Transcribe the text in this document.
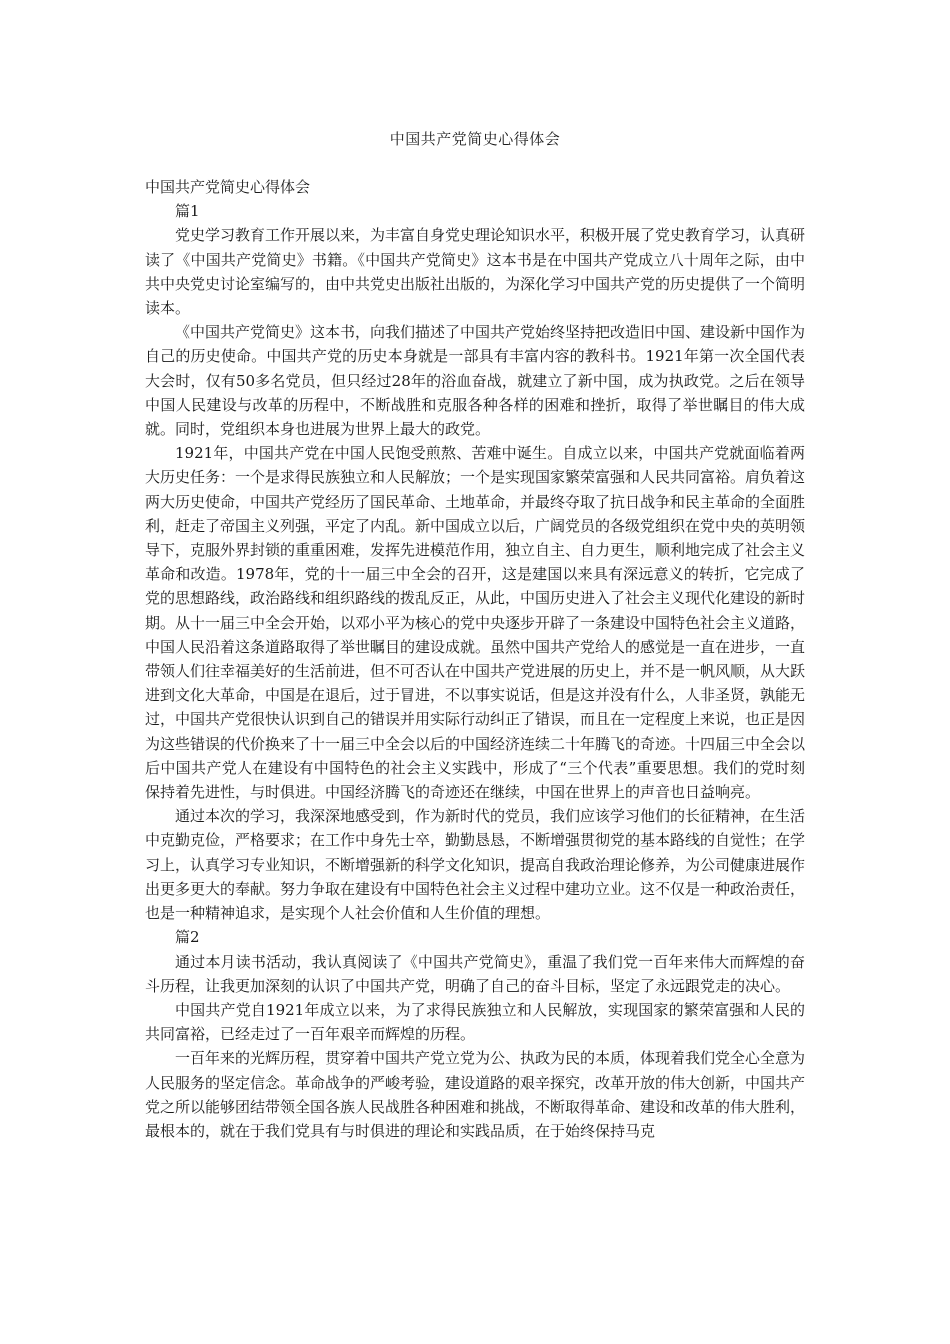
中国共产党简史心得体会

中国共产党简史心得体会

篇1

党史学习教育工作开展以来，为丰富自身党史理论知识水平，积极开展了党史教育学习，认真研读了《中国共产党简史》书籍。《中国共产党简史》这本书是在中国共产党成立八十周年之际，由中共中央党史讨论室编写的，由中共党史出版社出版的，为深化学习中国共产党的历史提供了一个简明读本。

《中国共产党简史》这本书，向我们描述了中国共产党始终坚持把改造旧中国、建设新中国作为自己的历史使命。中国共产党的历史本身就是一部具有丰富内容的教科书。1921年第一次全国代表大会时，仅有50多名党员，但只经过28年的浴血奋战，就建立了新中国，成为执政党。之后在领导中国人民建设与改革的历程中，不断战胜和克服各种各样的困难和挫折，取得了举世瞩目的伟大成就。同时，党组织本身也进展为世界上最大的政党。

1921年，中国共产党在中国人民饱受煎熬、苦难中诞生。自成立以来，中国共产党就面临着两大历史任务：一个是求得民族独立和人民解放；一个是实现国家繁荣富强和人民共同富裕。肩负着这两大历史使命，中国共产党经历了国民革命、土地革命，并最终夺取了抗日战争和民主革命的全面胜利，赶走了帝国主义列强，平定了内乱。新中国成立以后，广阔党员的各级党组织在党中央的英明领导下，克服外界封锁的重重困难，发挥先进模范作用，独立自主、自力更生，顺利地完成了社会主义革命和改造。1978年，党的十一届三中全会的召开，这是建国以来具有深远意义的转折，它完成了党的思想路线，政治路线和组织路线的拨乱反正，从此，中国历史进入了社会主义现代化建设的新时期。从十一届三中全会开始，以邓小平为核心的党中央逐步开辟了一条建设中国特色社会主义道路，中国人民沿着这条道路取得了举世瞩目的建设成就。虽然中国共产党给人的感觉是一直在进步，一直带领人们往幸福美好的生活前进，但不可否认在中国共产党进展的历史上，并不是一帆风顺，从大跃进到文化大革命，中国是在退后，过于冒进，不以事实说话，但是这并没有什么，人非圣贤，孰能无过，中国共产党很快认识到自己的错误并用实际行动纠正了错误，而且在一定程度上来说，也正是因为这些错误的代价换来了十一届三中全会以后的中国经济连续二十年腾飞的奇迹。十四届三中全会以后中国共产党人在建设有中国特色的社会主义实践中，形成了“三个代表”重要思想。我们的党时刻保持着先进性，与时俱进。中国经济腾飞的奇迹还在继续，中国在世界上的声音也日益响亮。

通过本次的学习，我深深地感受到，作为新时代的党员，我们应该学习他们的长征精神，在生活中克勤克俭，严格要求；在工作中身先士卒，勤勤恳恳，不断增强贯彻党的基本路线的自觉性；在学习上，认真学习专业知识，不断增强新的科学文化知识，提高自我政治理论修养，为公司健康进展作出更多更大的奉献。努力争取在建设有中国特色社会主义过程中建功立业。这不仅是一种政治责任，也是一种精神追求，是实现个人社会价值和人生价值的理想。

篇2

通过本月读书活动，我认真阅读了《中国共产党简史》，重温了我们党一百年来伟大而辉煌的奋斗历程，让我更加深刻的认识了中国共产党，明确了自己的奋斗目标，坚定了永远跟党走的决心。

中国共产党自1921年成立以来，为了求得民族独立和人民解放，实现国家的繁荣富强和人民的共同富裕，已经走过了一百年艰辛而辉煌的历程。

一百年来的光辉历程，贯穿着中国共产党立党为公、执政为民的本质，体现着我们党全心全意为人民服务的坚定信念。革命战争的严峻考验，建设道路的艰辛探究，改革开放的伟大创新，中国共产党之所以能够团结带领全国各族人民战胜各种困难和挑战，不断取得革命、建设和改革的伟大胜利，最根本的，就在于我们党具有与时俱进的理论和实践品质，在于始终保持马克
